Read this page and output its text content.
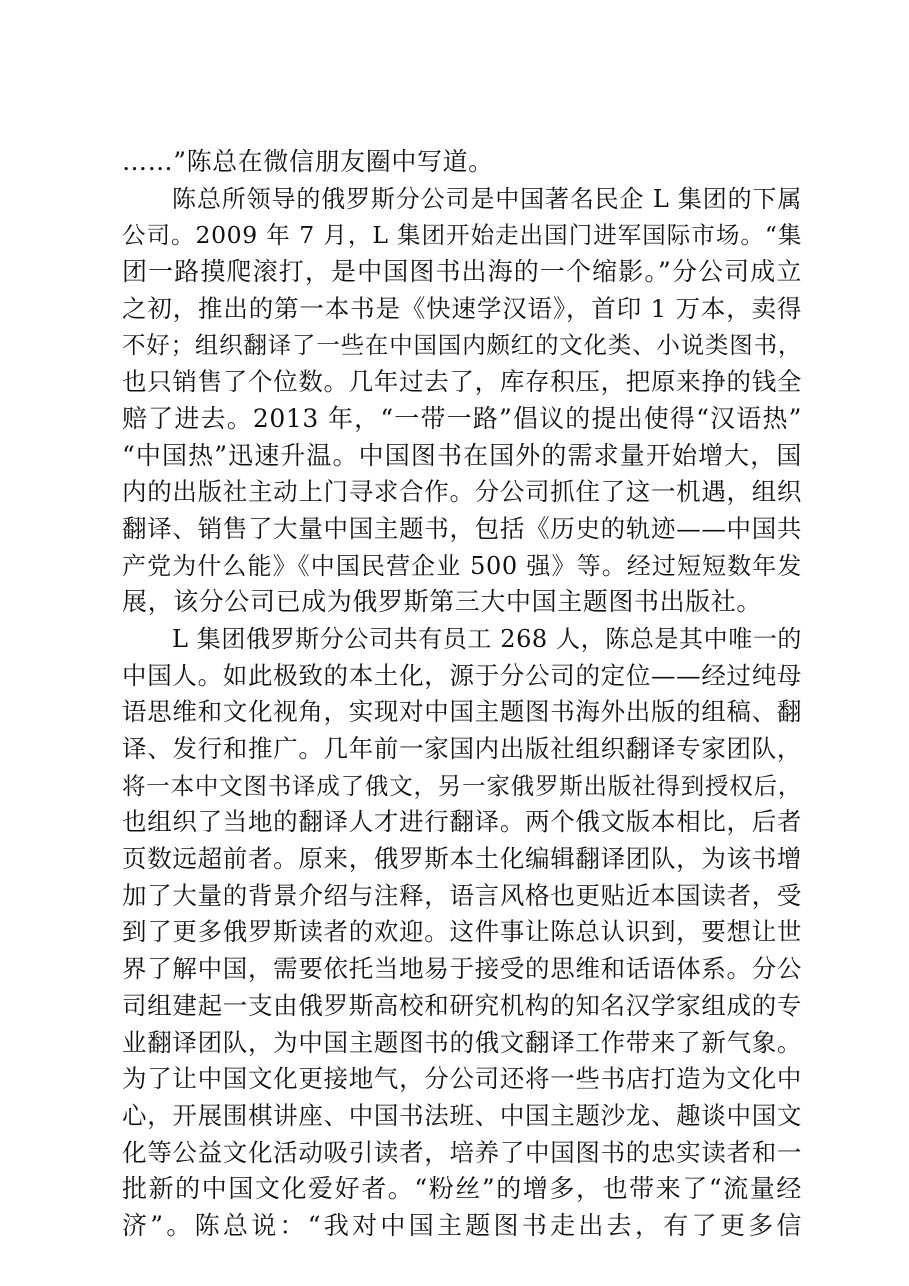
……”陈总在微信朋友圈中写道。
陈总所领导的俄罗斯分公司是中国著名民企 L 集团的下属
公司。2009 年 7 月，L 集团开始走出国门进军国际市场。“集
团一路摸爬滚打，是中国图书出海的一个缩影。”分公司成立
之初，推出的第一本书是《快速学汉语》，首印 1 万本，卖得
不好；组织翻译了一些在中国国内颇红的文化类、小说类图书，
也只销售了个位数。几年过去了，库存积压，把原来挣的钱全
赔了进去。2013 年，“一带一路”倡议的提出使得“汉语热”
“中国热”迅速升温。中国图书在国外的需求量开始增大，国
内的出版社主动上门寻求合作。分公司抓住了这一机遇，组织
翻译、销售了大量中国主题书，包括《历史的轨迹——中国共
产党为什么能》《中国民营企业 500 强》等。经过短短数年发
展，该分公司已成为俄罗斯第三大中国主题图书出版社。
L 集团俄罗斯分公司共有员工 268 人，陈总是其中唯一的
中国人。如此极致的本土化，源于分公司的定位——经过纯母
语思维和文化视角，实现对中国主题图书海外出版的组稿、翻
译、发行和推广。几年前一家国内出版社组织翻译专家团队，
将一本中文图书译成了俄文，另一家俄罗斯出版社得到授权后，
也组织了当地的翻译人才进行翻译。两个俄文版本相比，后者
页数远超前者。原来，俄罗斯本土化编辑翻译团队，为该书增
加了大量的背景介绍与注释，语言风格也更贴近本国读者，受
到了更多俄罗斯读者的欢迎。这件事让陈总认识到，要想让世
界了解中国，需要依托当地易于接受的思维和话语体系。分公
司组建起一支由俄罗斯高校和研究机构的知名汉学家组成的专
业翻译团队，为中国主题图书的俄文翻译工作带来了新气象。
为了让中国文化更接地气，分公司还将一些书店打造为文化中
心，开展围棋讲座、中国书法班、中国主题沙龙、趣谈中国文
化等公益文化活动吸引读者，培养了中国图书的忠实读者和一
批新的中国文化爱好者。“粉丝”的增多，也带来了“流量经
济”。陈总说：“我对中国主题图书走出去，有了更多信
